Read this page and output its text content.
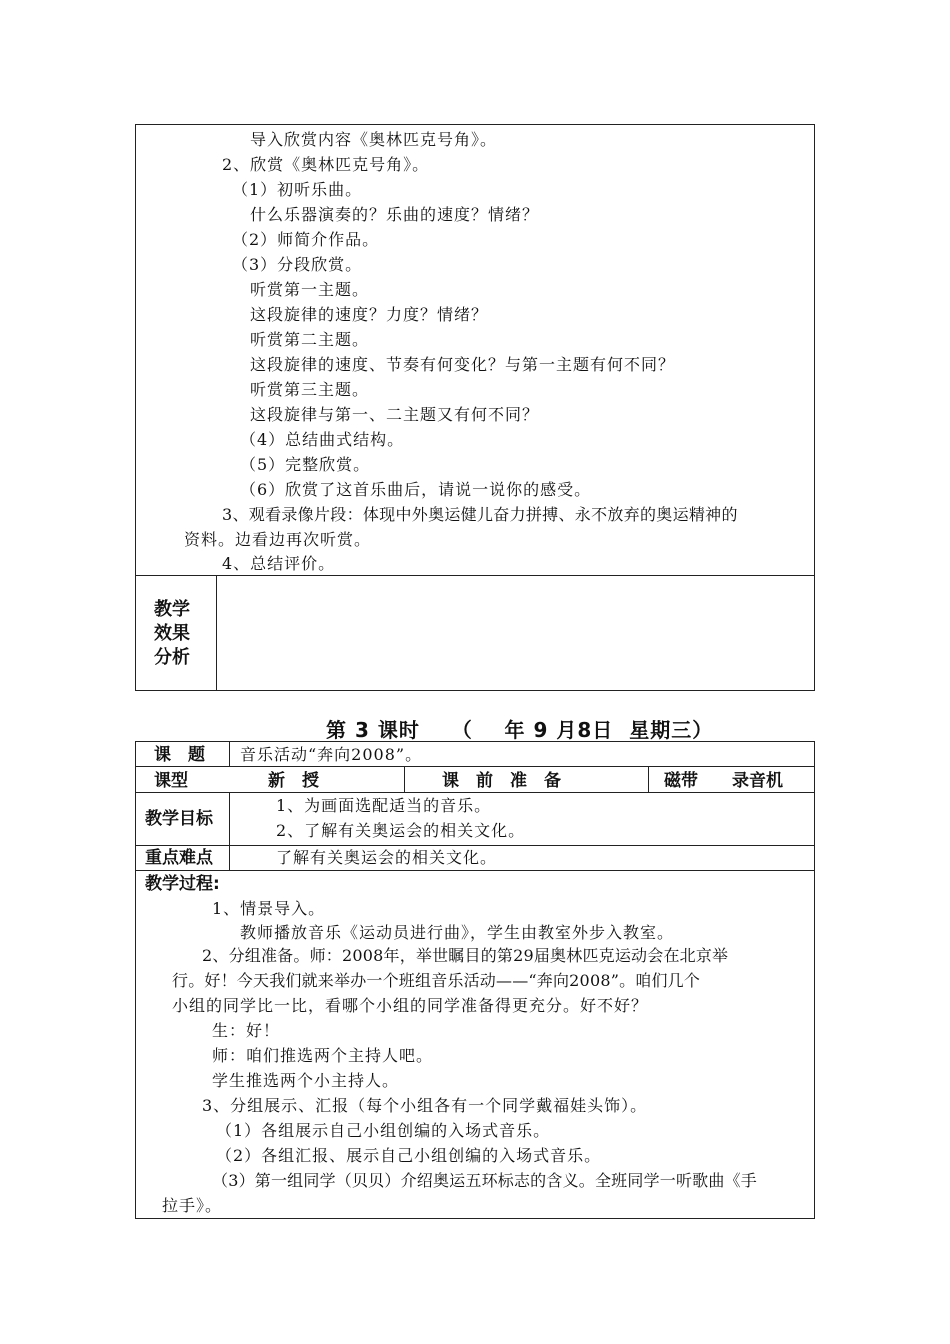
导入欣赏内容《奥林匹克号角》。
2、欣赏《奥林匹克号角》。
（1）初听乐曲。
什么乐器演奏的？乐曲的速度？情绪？
（2）师简介作品。
（3）分段欣赏。
听赏第一主题。
这段旋律的速度？力度？情绪？
听赏第二主题。
这段旋律的速度、节奏有何变化？与第一主题有何不同？
听赏第三主题。
这段旋律与第一、二主题又有何不同？
（4）总结曲式结构。
（5）完整欣赏。
（6）欣赏了这首乐曲后，请说一说你的感受。
3、观看录像片段：体现中外奥运健儿奋力拼搏、永不放弃的奥运精神的
资料。边看边再次听赏。
4、总结评价。
教学
效果
分析
第 3 课时    （    年 9 月8日  星期三）
课　题 音乐活动“奔向2008”。
课型	新　授	课　前　准　备	磁带　　录音机
教学目标
1、为画面选配适当的音乐。
2、了解有关奥运会的相关文化。
重点难点	了解有关奥运会的相关文化。
教学过程:
1、情景导入。
教师播放音乐《运动员进行曲》，学生由教室外步入教室。
2、分组准备。师：2008年，举世瞩目的第29届奥林匹克运动会在北京举
行。好！今天我们就来举办一个班组音乐活动——“奔向2008”。咱们几个
小组的同学比一比，看哪个小组的同学准备得更充分。好不好？
生：好！
师：咱们推选两个主持人吧。
学生推选两个小主持人。
3、分组展示、汇报（每个小组各有一个同学戴福娃头饰）。
（1）各组展示自己小组创编的入场式音乐。
（2）各组汇报、展示自己小组创编的入场式音乐。
（3）第一组同学（贝贝）介绍奥运五环标志的含义。全班同学一听歌曲《手
拉手》。
